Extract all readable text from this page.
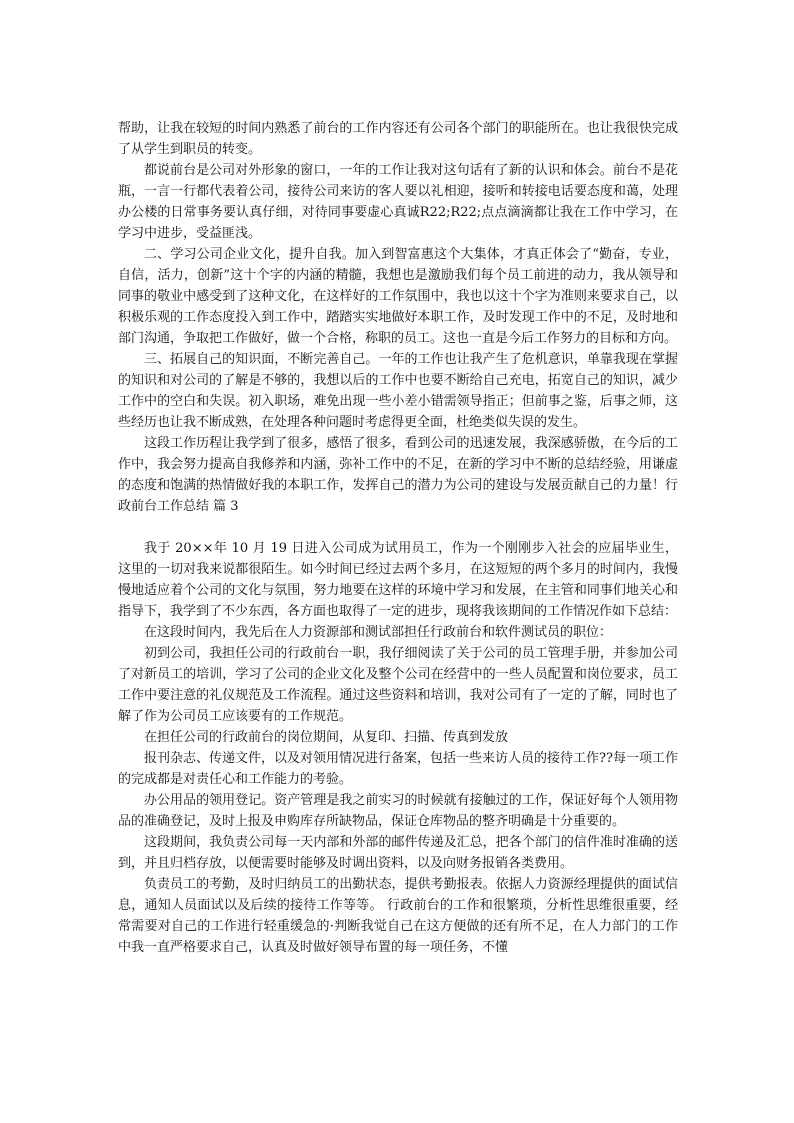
帮助，让我在较短的时间内熟悉了前台的工作内容还有公司各个部门的职能所在。也让我很快完成了从学生到职员的转变。

都说前台是公司对外形象的窗口，一年的工作让我对这句话有了新的认识和体会。前台不是花瓶，一言一行都代表着公司，接待公司来访的客人要以礼相迎，接听和转接电话要态度和蔼，处理办公楼的日常事务要认真仔细，对待同事要虚心真诚R22;R22;点点滴滴都让我在工作中学习，在学习中进步，受益匪浅。

二、学习公司企业文化，提升自我。加入到智富惠这个大集体，才真正体会了“勤奋，专业，自信，活力，创新”这十个字的内涵的精髓，我想也是激励我们每个员工前进的动力，我从领导和同事的敬业中感受到了这种文化，在这样好的工作氛围中，我也以这十个字为准则来要求自己，以积极乐观的工作态度投入到工作中，踏踏实实地做好本职工作，及时发现工作中的不足，及时地和部门沟通，争取把工作做好，做一个合格，称职的员工。这也一直是今后工作努力的目标和方向。

三、拓展自己的知识面，不断完善自己。一年的工作也让我产生了危机意识，单靠我现在掌握的知识和对公司的了解是不够的，我想以后的工作中也要不断给自己充电，拓宽自己的知识，减少工作中的空白和失误。初入职场，难免出现一些小差小错需领导指正；但前事之鉴，后事之师，这些经历也让我不断成熟，在处理各种问题时考虑得更全面，杜绝类似失误的发生。

这段工作历程让我学到了很多，感悟了很多，看到公司的迅速发展，我深感骄傲，在今后的工作中，我会努力提高自我修养和内涵，弥补工作中的不足，在新的学习中不断的总结经验，用谦虚的态度和饱满的热情做好我的本职工作，发挥自己的潜力为公司的建设与发展贡献自己的力量！行政前台工作总结 篇 3

我于 20××年 10 月 19 日进入公司成为试用员工，作为一个刚刚步入社会的应届毕业生，这里的一切对我来说都很陌生。如今时间已经过去两个多月，在这短短的两个多月的时间内，我慢慢地适应着个公司的文化与氛围，努力地要在这样的环境中学习和发展，在主管和同事们地关心和指导下，我学到了不少东西，各方面也取得了一定的进步，现将我该期间的工作情况作如下总结：

在这段时间内，我先后在人力资源部和测试部担任行政前台和软件测试员的职位：

初到公司，我担任公司的行政前台一职，我仔细阅读了关于公司的员工管理手册，并参加公司了对新员工的培训，学习了公司的企业文化及整个公司在经营中的一些人员配置和岗位要求，员工工作中要注意的礼仪规范及工作流程。通过这些资料和培训，我对公司有了一定的了解，同时也了解了作为公司员工应该要有的工作规范。

在担任公司的行政前台的岗位期间，从复印、扫描、传真到发放

报刊杂志、传递文件，以及对领用情况进行备案，包括一些来访人员的接待工作??每一项工作的完成都是对责任心和工作能力的考验。

办公用品的领用登记。资产管理是我之前实习的时候就有接触过的工作，保证好每个人领用物品的准确登记，及时上报及申购库存所缺物品，保证仓库物品的整齐明确是十分重要的。

这段期间，我负责公司每一天内部和外部的邮件传递及汇总，把各个部门的信件准时准确的送到，并且归档存放，以便需要时能够及时调出资料，以及向财务报销各类费用。

负责员工的考勤，及时归纳员工的出勤状态，提供考勤报表。依据人力资源经理提供的面试信息，通知人员面试以及后续的接待工作等等。 行政前台的工作和很繁琐，分析性思维很重要，经常需要对自己的工作进行轻重缓急的·判断我觉自己在这方便做的还有所不足，在人力部门的工作中我一直严格要求自己，认真及时做好领导布置的每一项任务，不懂
